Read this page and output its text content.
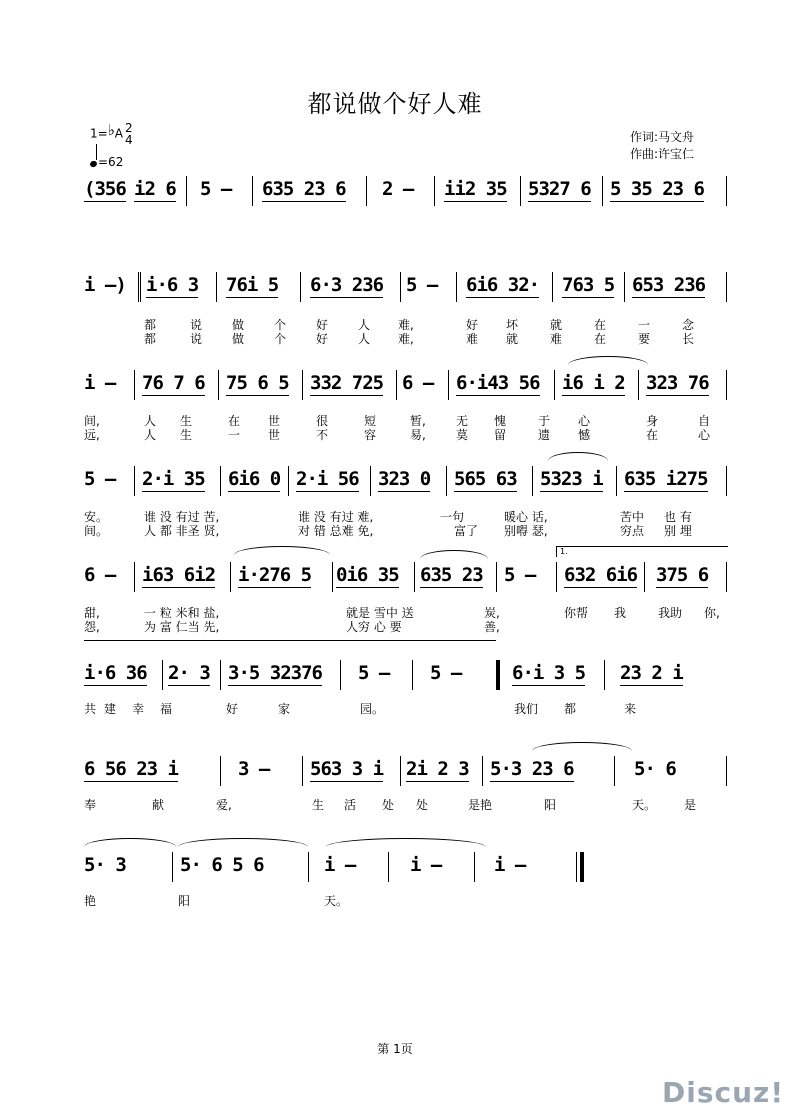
都说做个好人难
1=♭A 2
4
=62
作词:马文舟
作曲:许宝仁
(356 i2 6 5 – 635 23 6 2 – ii2 35 5327 6 5 35 23 6
i –) i·6 3 76i 5 6·3 236 5 – 6i6 32· 763 5 653 236
都	说 做 个 好 人 难,	好 坏	就	在	一	念
都	说 做 个 好 人 难,	难 就	难	在	要	长
i – 76 7 6 75 6 5 332 725 6 – 6·i43 56 i6 i 2 323 76
间,	人 生	在 世	很	短	暂,	无 愧	于 心	身	自
远,	人 生	一 世	不	容	易,	莫 留	遗 憾	在	心
5 – 2·i 35 6i6 0 2·i 56 323 0 565 63 5323 i 635 i275
安。	谁 没 有过 苦,	谁 没 有过 难,	一句	暖心 话,	苦中 也 有
间。	人 都 非圣 贤,	对 错 总难 免,	富了 别嘚 瑟,	穷点 别 埋
1.
6 – i63 6i2 i·276 5 0i6 35 635 23 5 – 632 6i6 375 6
甜,	一 粒 米和 盐,	就是 雪中 送	炭,	你帮 我	我助 你,
怨,	为 富 仁当 先,	人穷 心 要	善,
i·6 36 2· 3 3·5 32376 5 – 5 –	6·i 3 5 23 2 i
共 建 幸 福	好	家	园。	我们 都	来
6 56 23 i	3 – 563 3 i 2i 2 3 5·3 23 6	5· 6
奉	献	爱,	生 活 处 处	是艳	阳	天。 是
5· 3	5· 6 5 6	i –	i –	i –
艳	阳	天。
第 1页
Discuz!
